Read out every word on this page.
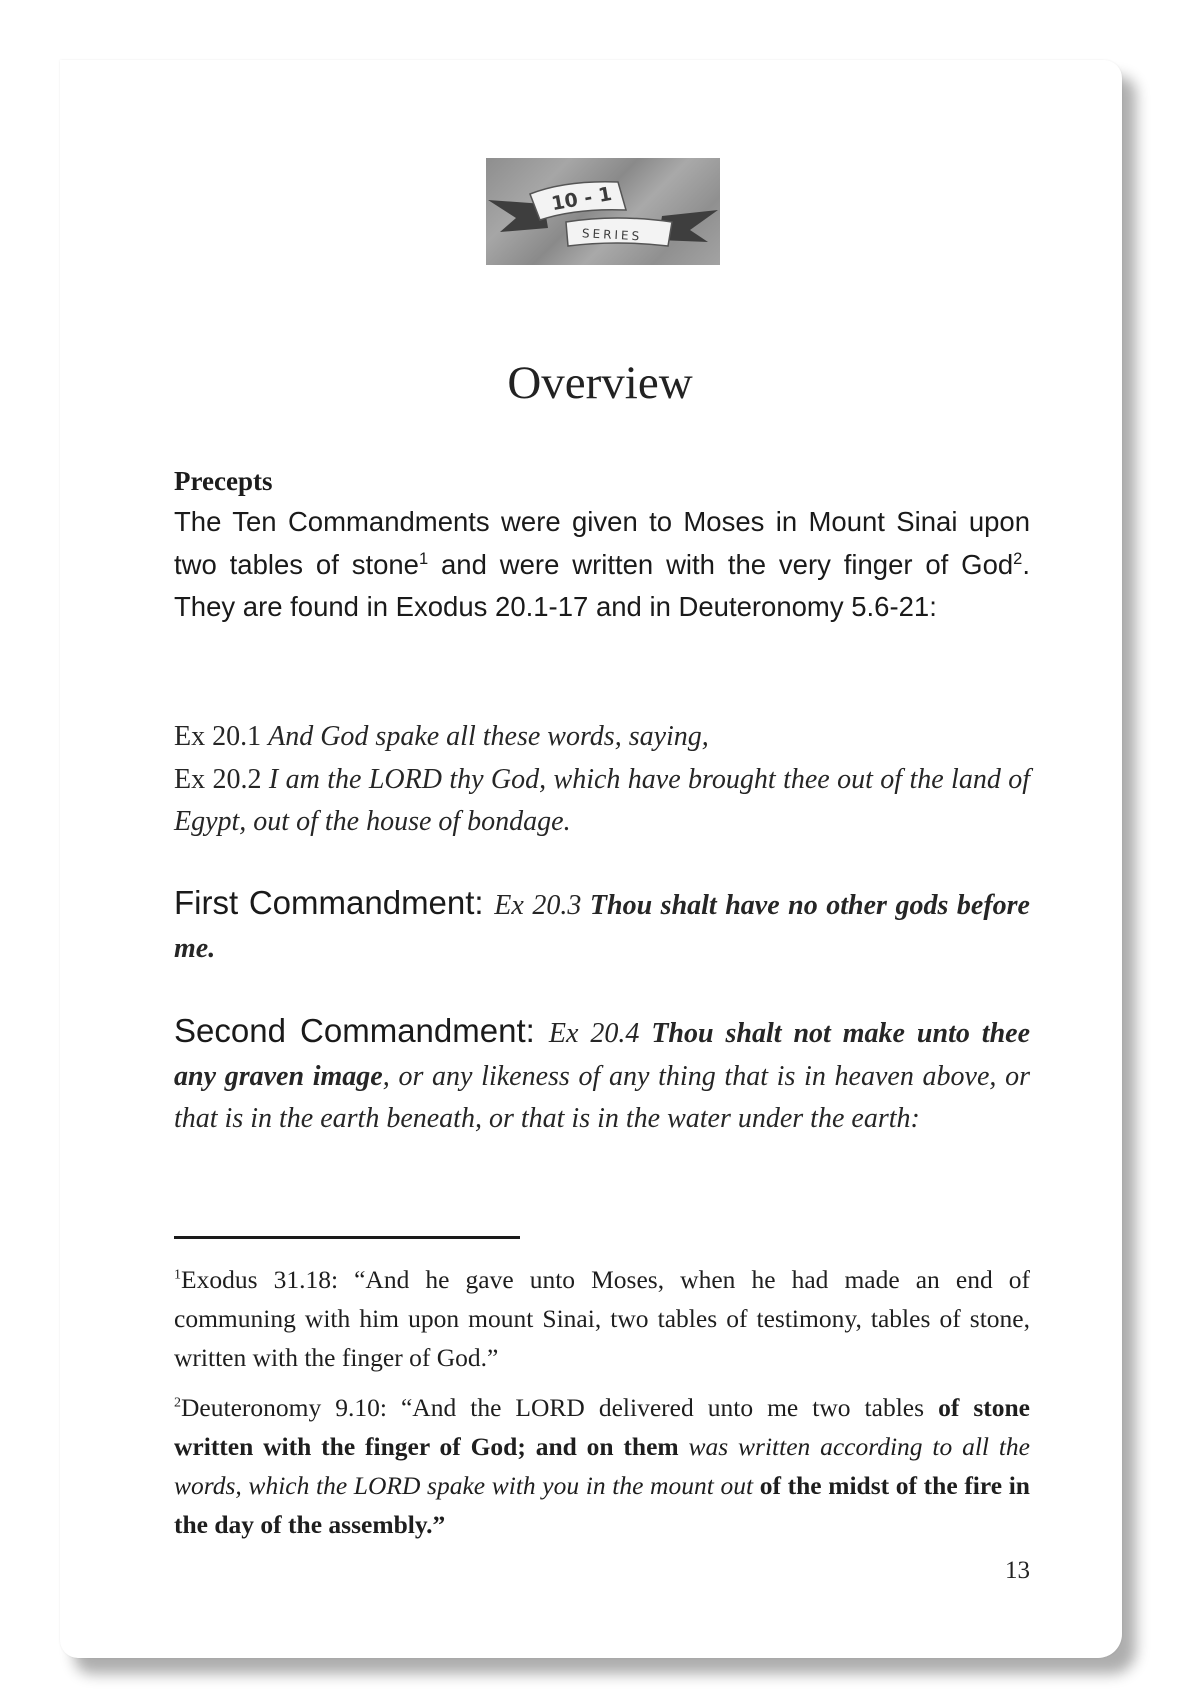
10 - 1
SERIES
Overview
Precepts
The Ten Commandments were given to Moses in Mount Sinai upon two tables of stone$^1$ and were written with the very finger of God$^2$. They are found in Exodus 20.1-17 and in Deuteronomy 5.6-21:
Ex 20.1 And God spake all these words, saying,
Ex 20.2 I am the LORD thy God, which have brought thee out of the land of Egypt, out of the house of bondage.
First Commandment: Ex 20.3 Thou shalt have no other gods before me.
Second Commandment: Ex 20.4 Thou shalt not make unto thee any graven image, or any likeness of any thing that is in heaven above, or that is in the earth beneath, or that is in the water under the earth:
$^1$Exodus 31.18: “And he gave unto Moses, when he had made an end of communing with him upon mount Sinai, two tables of testimony, tables of stone, written with the finger of God.”
$^2$Deuteronomy 9.10: “And the LORD delivered unto me two tables of stone written with the finger of God; and on them was written according to all the words, which the LORD spake with you in the mount out of the midst of the fire in the day of the assembly.”
13
